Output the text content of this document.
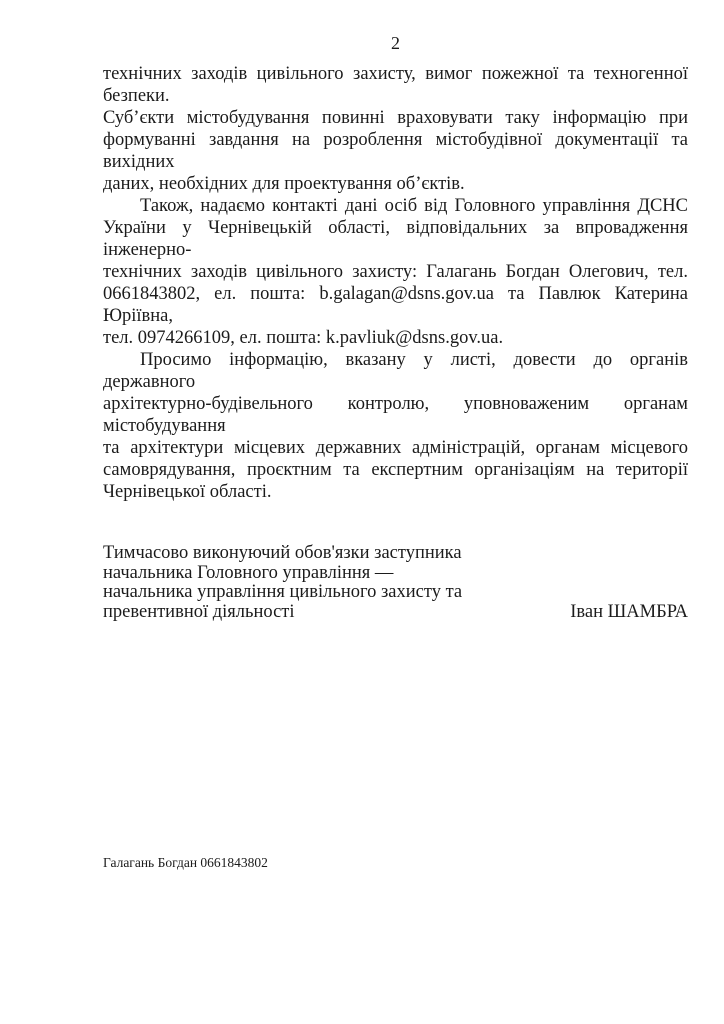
2
технічних заходів цивільного захисту, вимог пожежної та техногенної безпеки.
Суб’єкти містобудування повинні враховувати таку інформацію при
формуванні завдання на розроблення містобудівної документації та вихідних
даних, необхідних для проектування об’єктів.
Також, надаємо контакті дані осіб від Головного управління ДСНС
України у Чернівецькій області, відповідальних за впровадження інженерно-
технічних заходів цивільного захисту: Галагань Богдан Олегович, тел.
0661843802, ел. пошта: b.galagan@dsns.gov.ua та Павлюк Катерина Юріївна,
тел. 0974266109, ел. пошта: k.pavliuk@dsns.gov.ua.
Просимо інформацію, вказану у листі, довести до органів державного
архітектурно-будівельного контролю, уповноваженим органам містобудування
та архітектури місцевих державних адміністрацій, органам місцевого
самоврядування, проєктним та експертним організаціям на території
Чернівецької області.
Тимчасово виконуючий обов'язки заступника
начальника Головного управління —
начальника управління цивільного захисту та
превентивної діяльності	Іван ШАМБРА
Галагань Богдан 0661843802
